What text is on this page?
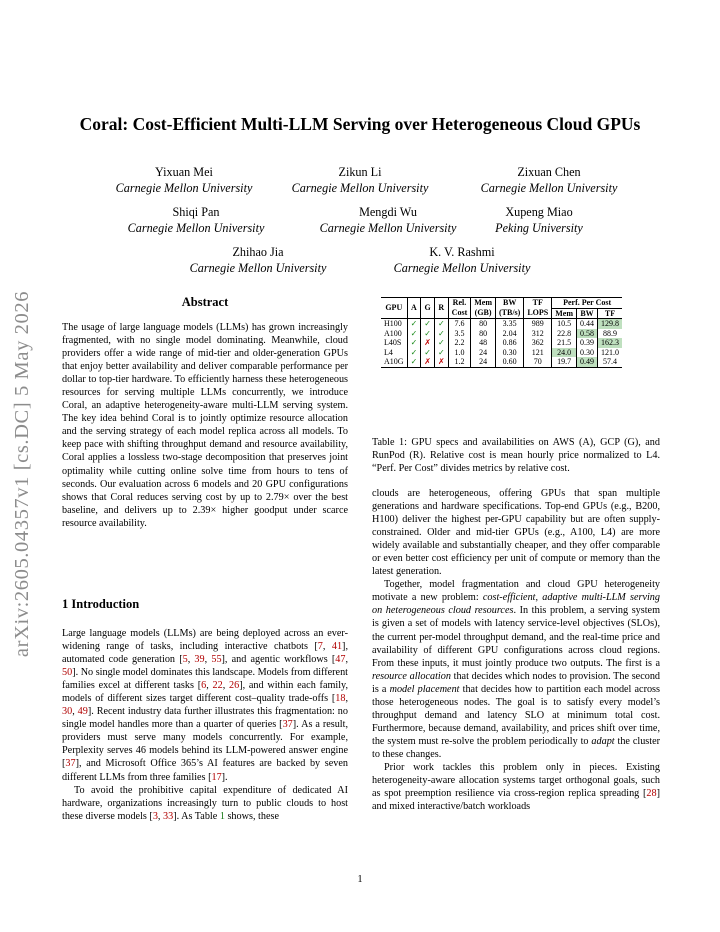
arXiv:2605.04357v1 [cs.DC] 5 May 2026
Coral: Cost-Efficient Multi-LLM Serving over Heterogeneous Cloud GPUs
Yixuan Mei
Carnegie Mellon University
Zikun Li
Carnegie Mellon University
Zixuan Chen
Carnegie Mellon University
Shiqi Pan
Carnegie Mellon University
Mengdi Wu
Carnegie Mellon University
Xupeng Miao
Peking University
Zhihao Jia
Carnegie Mellon University
K. V. Rashmi
Carnegie Mellon University
Abstract

The usage of large language models (LLMs) has grown increasingly fragmented, with no single model dominating. Meanwhile, cloud providers offer a wide range of mid-tier and older-generation GPUs that enjoy better availability and deliver comparable performance per dollar to top-tier hardware. To efficiently harness these heterogeneous resources for serving multiple LLMs concurrently, we introduce Coral, an adaptive heterogeneity-aware multi-LLM serving system. The key idea behind Coral is to jointly optimize resource allocation and the serving strategy of each model replica across all models. To keep pace with shifting throughput demand and resource availability, Coral applies a lossless two-stage decomposition that preserves joint optimality while cutting online solve time from hours to tens of seconds. Our evaluation across 6 models and 20 GPU configurations shows that Coral reduces serving cost by up to 2.79× over the best baseline, and delivers up to 2.39× higher goodput under scarce resource availability.

1 Introduction

Large language models (LLMs) are being deployed across an ever-widening range of tasks, including interactive chatbots [7, 41], automated code generation [5, 39, 55], and agentic workflows [47, 50]. No single model dominates this landscape. Models from different families excel at different tasks [6, 22, 26], and within each family, models of different sizes target different cost–quality trade-offs [18, 30, 49]. Recent industry data further illustrates this fragmentation: no single model handles more than a quarter of queries [37]. As a result, providers must serve many models concurrently. For example, Perplexity serves 46 models behind its LLM-powered answer engine [37], and Microsoft Office 365’s AI features are backed by seven different LLMs from three families [17].

To avoid the prohibitive capital expenditure of dedicated AI hardware, organizations increasingly turn to public clouds to host these diverse models [3, 33]. As Table 1 shows, these

GPU	A	G	R	Rel.	Mem	BW	TF	Perf. Per Cost		
				Cost	(GB)	(TB/s)	LOPS	Mem	BW	TF
H100	✓	✓	✓	7.6	80	3.35	989	10.5	0.44	129.8
A100	✓	✓	✓	3.5	80	2.04	312	22.8	0.58	88.9
L40S	✓	✗	✓	2.2	48	0.86	362	21.5	0.39	162.3
L4	✓	✓	✓	1.0	24	0.30	121	24.0	0.30	121.0
A10G	✓	✗	✗	1.2	24	0.60	70	19.7	0.49	57.4
Table 1: GPU specs and availabilities on AWS (A), GCP (G), and RunPod (R). Relative cost is mean hourly price normalized to L4. “Perf. Per Cost” divides metrics by relative cost.

clouds are heterogeneous, offering GPUs that span multiple generations and hardware specifications. Top-end GPUs (e.g., B200, H100) deliver the highest per-GPU capability but are often supply-constrained. Older and mid-tier GPUs (e.g., A100, L4) are more widely available and substantially cheaper, and they offer comparable or even better cost efficiency per unit of compute or memory than the latest generation.

Together, model fragmentation and cloud GPU heterogeneity motivate a new problem: cost-efficient, adaptive multi-LLM serving on heterogeneous cloud resources. In this problem, a serving system is given a set of models with latency service-level objectives (SLOs), the current per-model throughput demand, and the real-time price and availability of different GPU configurations across cloud regions. From these inputs, it must jointly produce two outputs. The first is a resource allocation that decides which nodes to provision. The second is a model placement that decides how to partition each model across those heterogeneous nodes. The goal is to satisfy every model’s throughput demand and latency SLO at minimum total cost. Furthermore, because demand, availability, and prices shift over time, the system must re-solve the problem periodically to adapt the cluster to these changes.

Prior work tackles this problem only in pieces. Existing heterogeneity-aware allocation systems target orthogonal goals, such as spot preemption resilience via cross-region replica spreading [28] and mixed interactive/batch workloads

1
